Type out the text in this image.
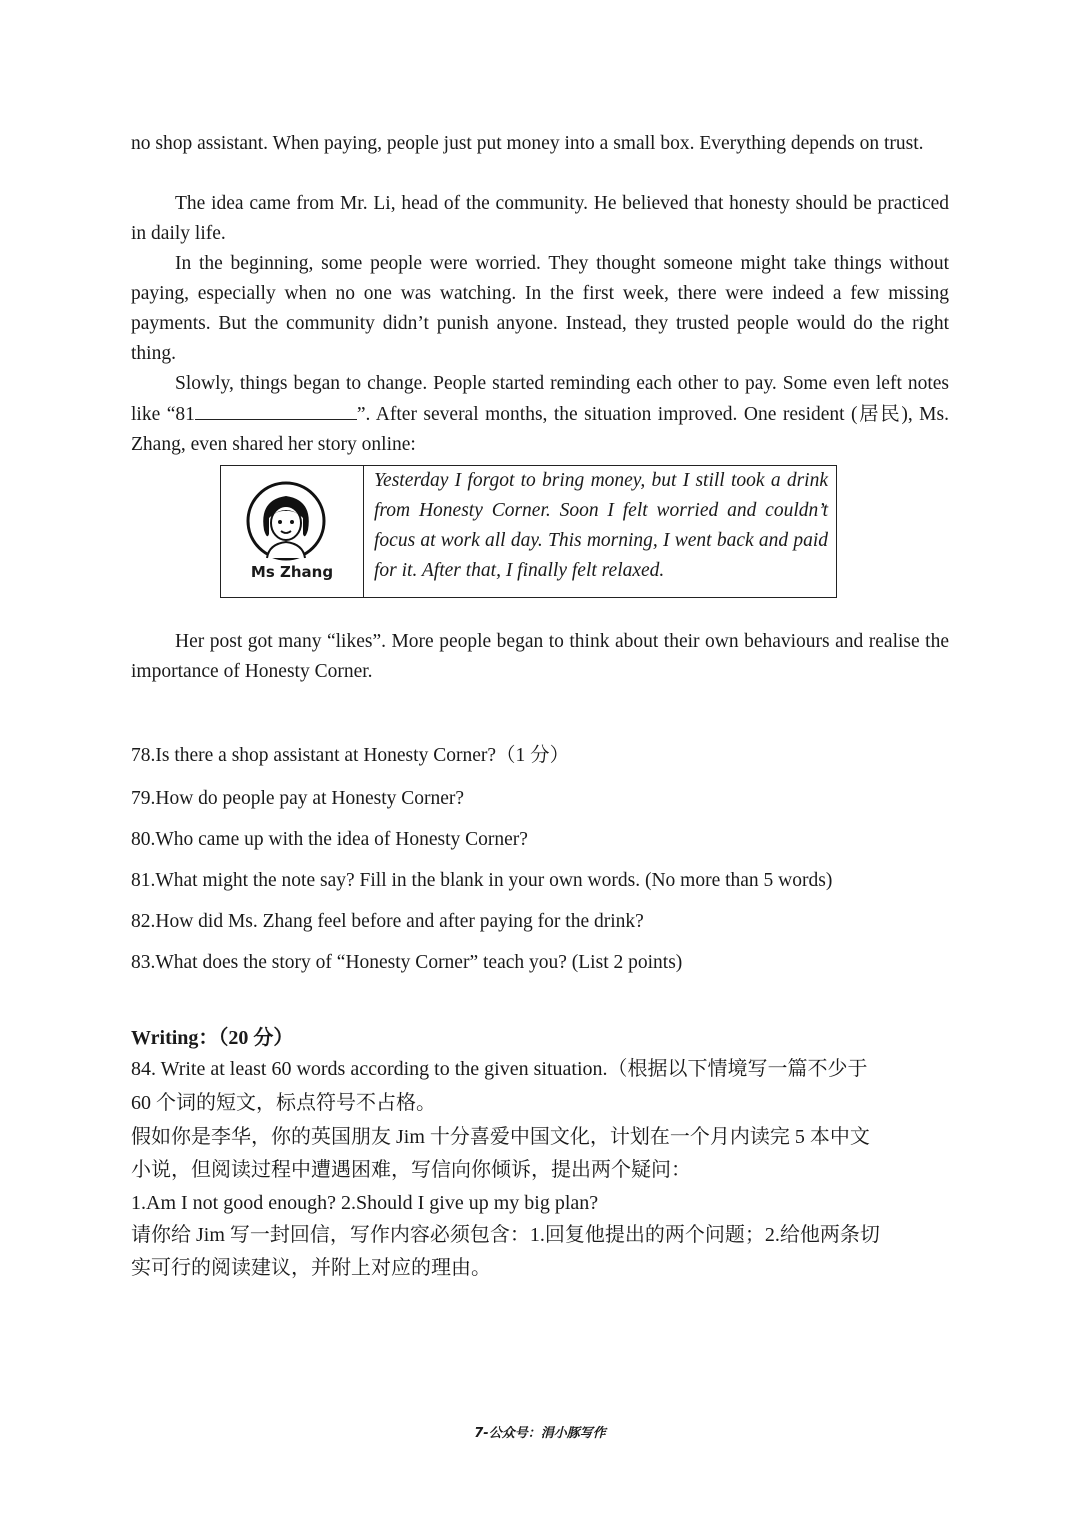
no shop assistant. When paying, people just put money into a small box. Everything depends on trust.

The idea came from Mr. Li, head of the community. He believed that honesty should be practiced in daily life.

In the beginning, some people were worried. They thought someone might take things without paying, especially when no one was watching. In the first week, there were indeed a few missing payments. But the community didn’t punish anyone. Instead, they trusted people would do the right thing.

Slowly, things began to change. People started reminding each other to pay. Some even left notes like “81	”. After several months, the situation improved. One resident (居民), Ms. Zhang, even shared her story online:

Ms Zhang
Yesterday I forgot to bring money, but I still took a drink from Honesty Corner. Soon I felt worried and couldn’t focus at work all day. This morning, I went back and paid for it. After that, I finally felt relaxed.

Her post got many “likes”. More people began to think about their own behaviours and realise the importance of Honesty Corner.

78.Is there a shop assistant at Honesty Corner?（1 分）

79.How do people pay at Honesty Corner?

80.Who came up with the idea of Honesty Corner?

81.What might the note say? Fill in the blank in your own words. (No more than 5 words)

82.How did Ms. Zhang feel before and after paying for the drink?

83.What does the story of “Honesty Corner” teach you? (List 2 points)

Writing：（20 分）

84. Write at least 60 words according to the given situation.（根据以下情境写一篇不少于

60 个词的短文，标点符号不占格。

假如你是李华，你的英国朋友 Jim 十分喜爱中国文化，计划在一个月内读完 5 本中文

小说，但阅读过程中遭遇困难，写信向你倾诉，提出两个疑问：

1.Am I not good enough? 2.Should I give up my big plan?

请你给 Jim 写一封回信，写作内容必须包含：1.回复他提出的两个问题；2.给他两条切

实可行的阅读建议，并附上对应的理由。

7-公众号：涓小豚写作
